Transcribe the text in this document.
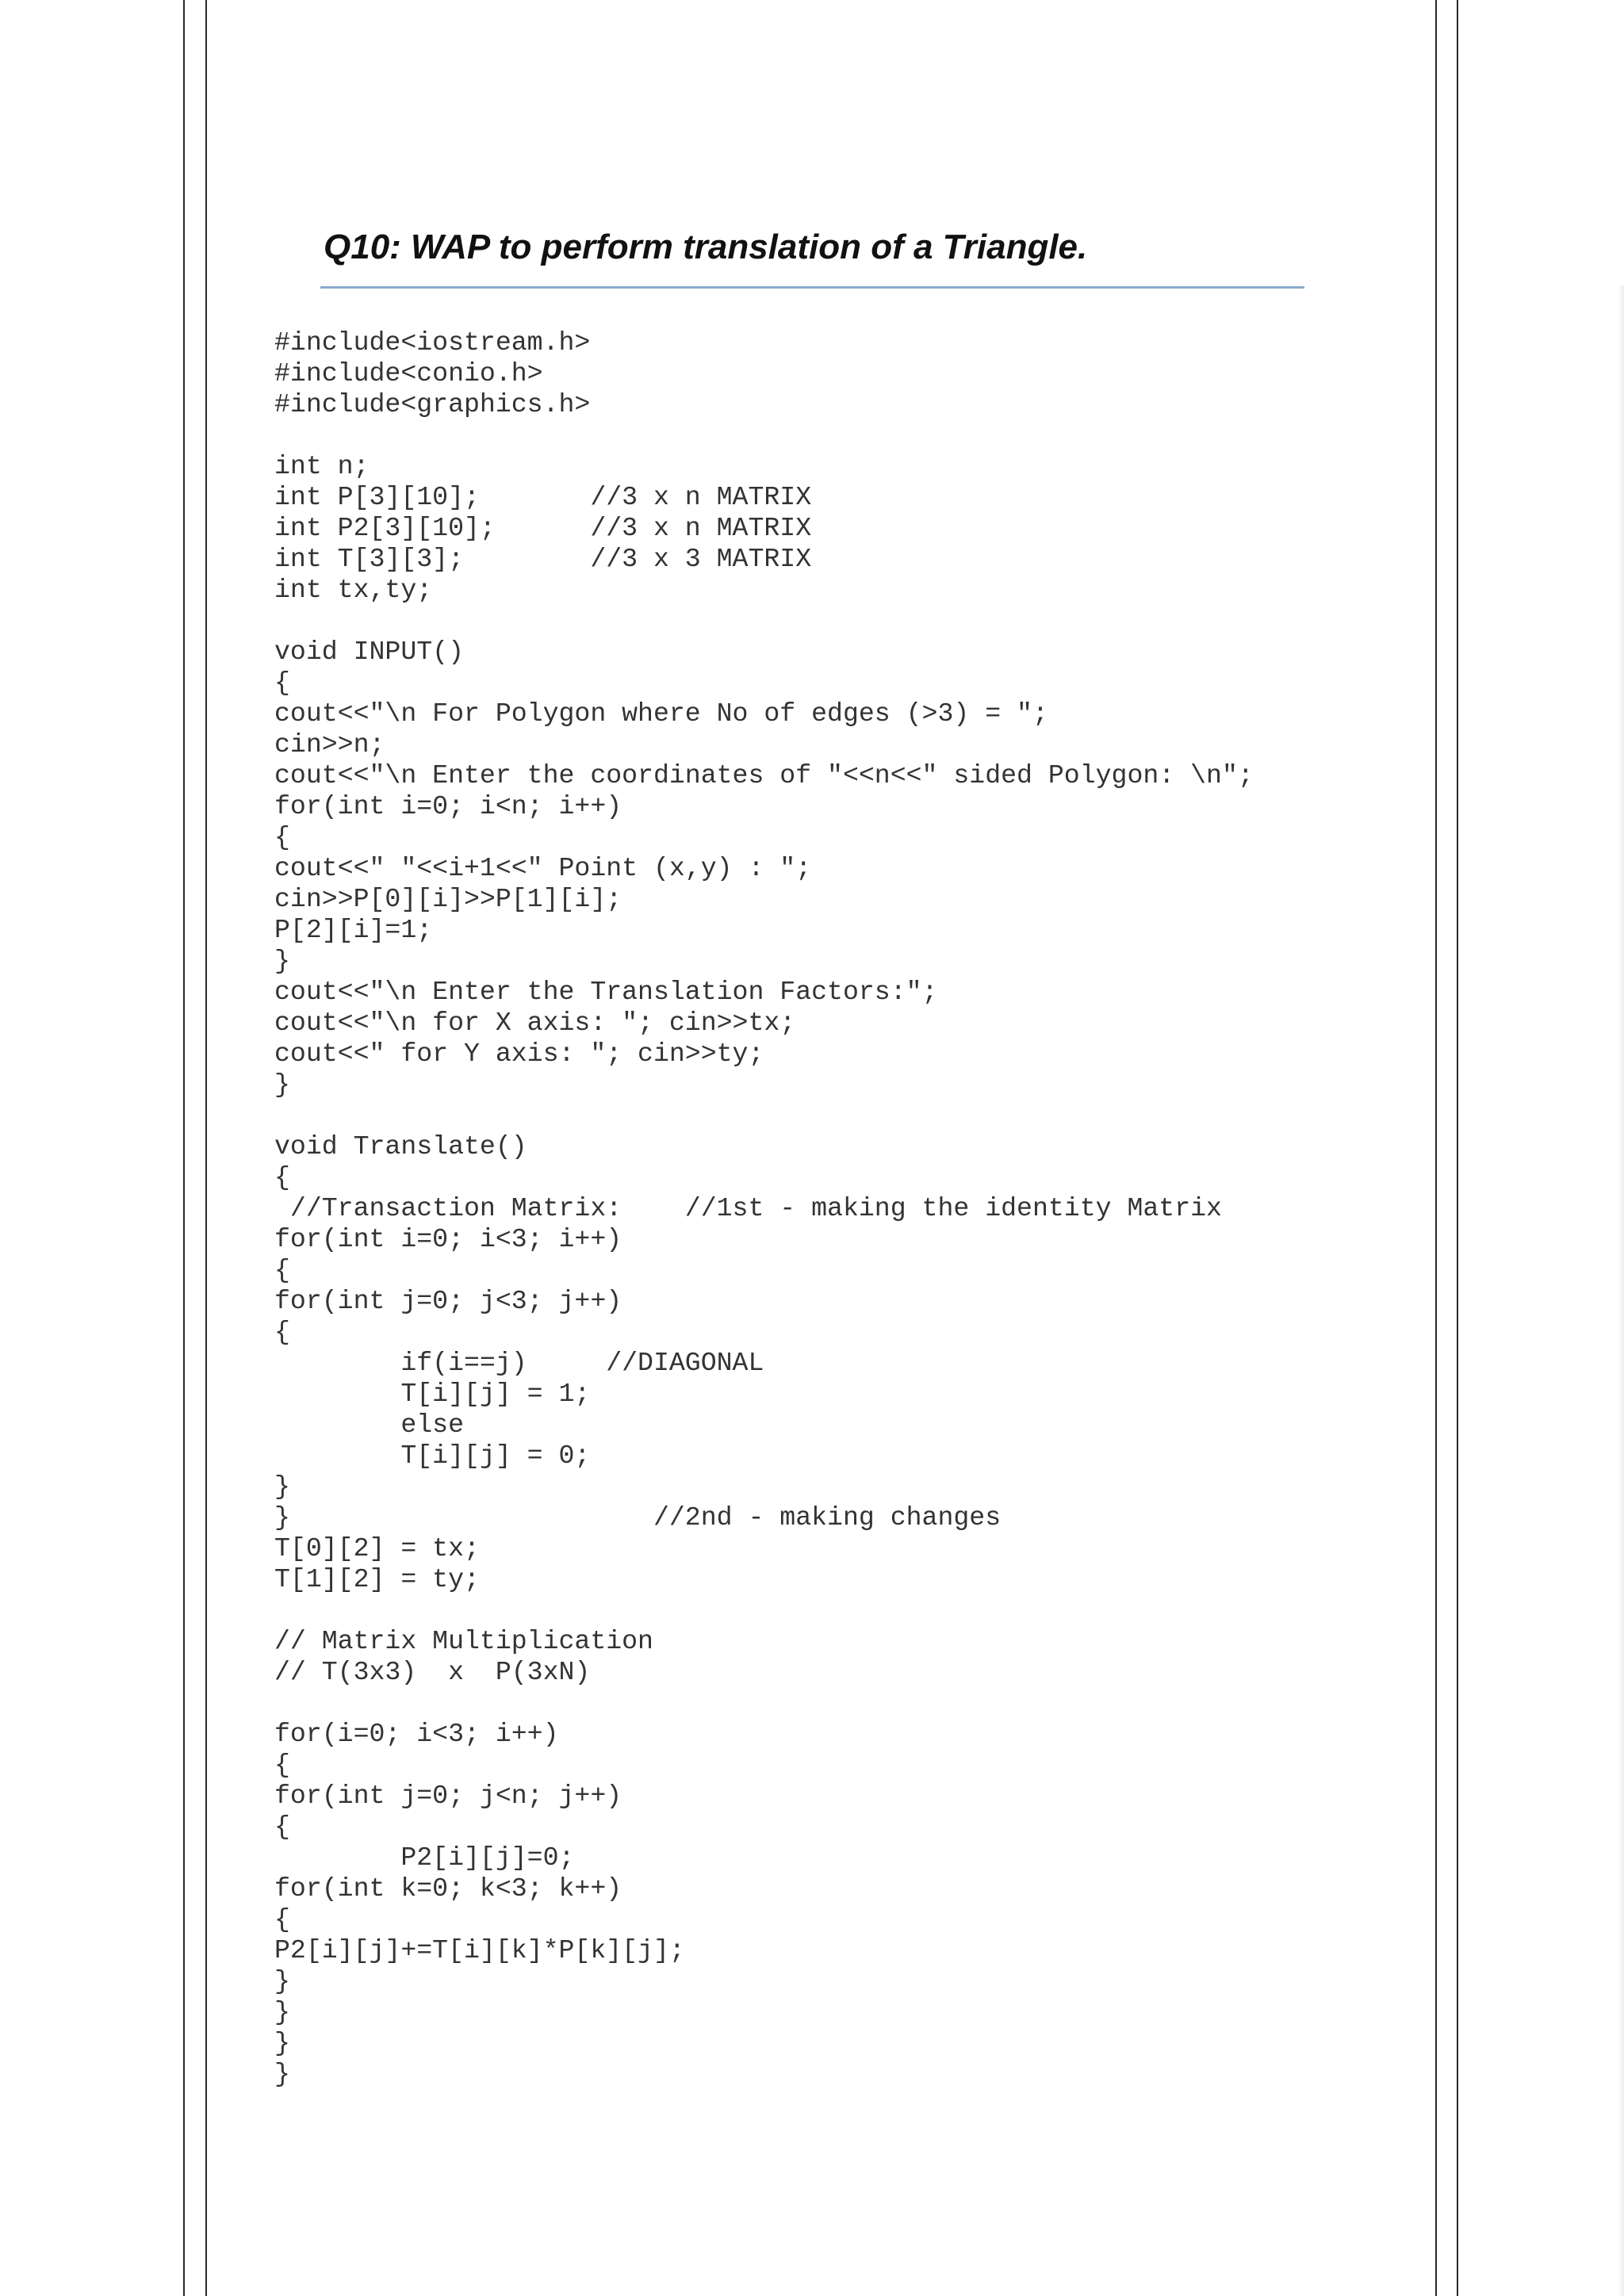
Q10: WAP to perform translation of a Triangle.
#include<iostream.h>
#include<conio.h>
#include<graphics.h>
int n;
int P[3][10];       //3 x n MATRIX
int P2[3][10];      //3 x n MATRIX
int T[3][3];        //3 x 3 MATRIX
int tx,ty;
void INPUT()
{
cout<<"\n For Polygon where No of edges (>3) = ";
cin>>n;
cout<<"\n Enter the coordinates of "<<n<<" sided Polygon: \n";
for(int i=0; i<n; i++)
{
cout<<" "<<i+1<<" Point (x,y) : ";
cin>>P[0][i]>>P[1][i];
P[2][i]=1;
}
cout<<"\n Enter the Translation Factors:";
cout<<"\n for X axis: "; cin>>tx;
cout<<" for Y axis: "; cin>>ty;
}
void Translate()
{
//Transaction Matrix:    //1st - making the identity Matrix
for(int i=0; i<3; i++)
{
for(int j=0; j<3; j++)
{
if(i==j)     //DIAGONAL
T[i][j] = 1;
else
T[i][j] = 0;
}
}                       //2nd - making changes
T[0][2] = tx;
T[1][2] = ty;
// Matrix Multiplication
// T(3x3)  x  P(3xN)
for(i=0; i<3; i++)
{
for(int j=0; j<n; j++)
{
P2[i][j]=0;
for(int k=0; k<3; k++)
{
P2[i][j]+=T[i][k]*P[k][j];
}
}
}
}
